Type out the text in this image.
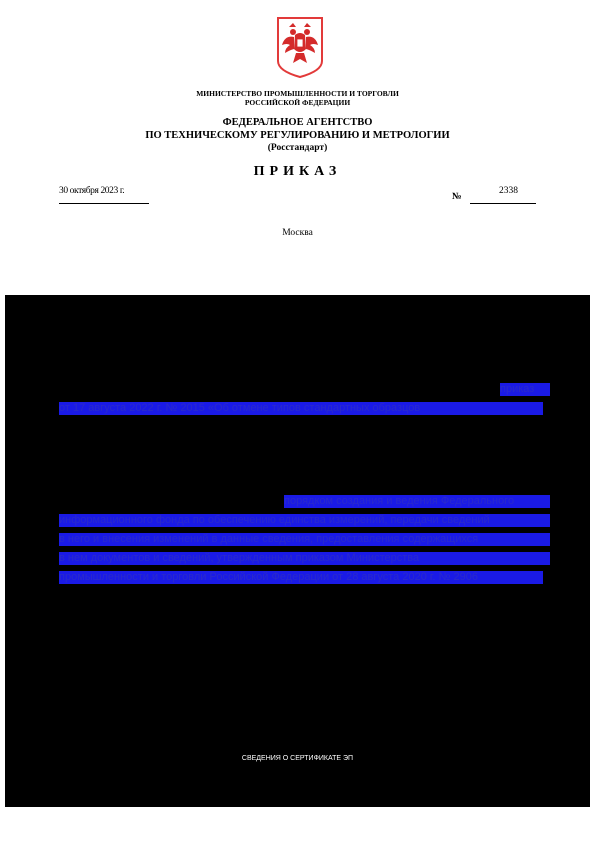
МИНИСТЕРСТВО ПРОМЫШЛЕННОСТИ И ТОРГОВЛИ
РОССИЙСКОЙ ФЕДЕРАЦИИ
ФЕДЕРАЛЬНОЕ АГЕНТСТВО
ПО ТЕХНИЧЕСКОМУ РЕГУЛИРОВАНИЮ И МЕТРОЛОГИИ
(Росстандарт)
ПРИКАЗ
30 октября 2023 г.
№
2338
Москва
приказ
от 17 августа 2022 г. № 2015 «Об отмене типов стандартных образцов
порядком создания и ведения Федерального
информационного фонда по обеспечению единства измерений, передачи сведений
в него и внесения изменений в данные сведения, предоставления содержащихся
в нем документов и сведений, утвержденным приказом Министерства
промышленности и торговли Российской Федерации от 28 августа 2020 г. № 2906
СВЕДЕНИЯ О СЕРТИФИКАТЕ ЭП
